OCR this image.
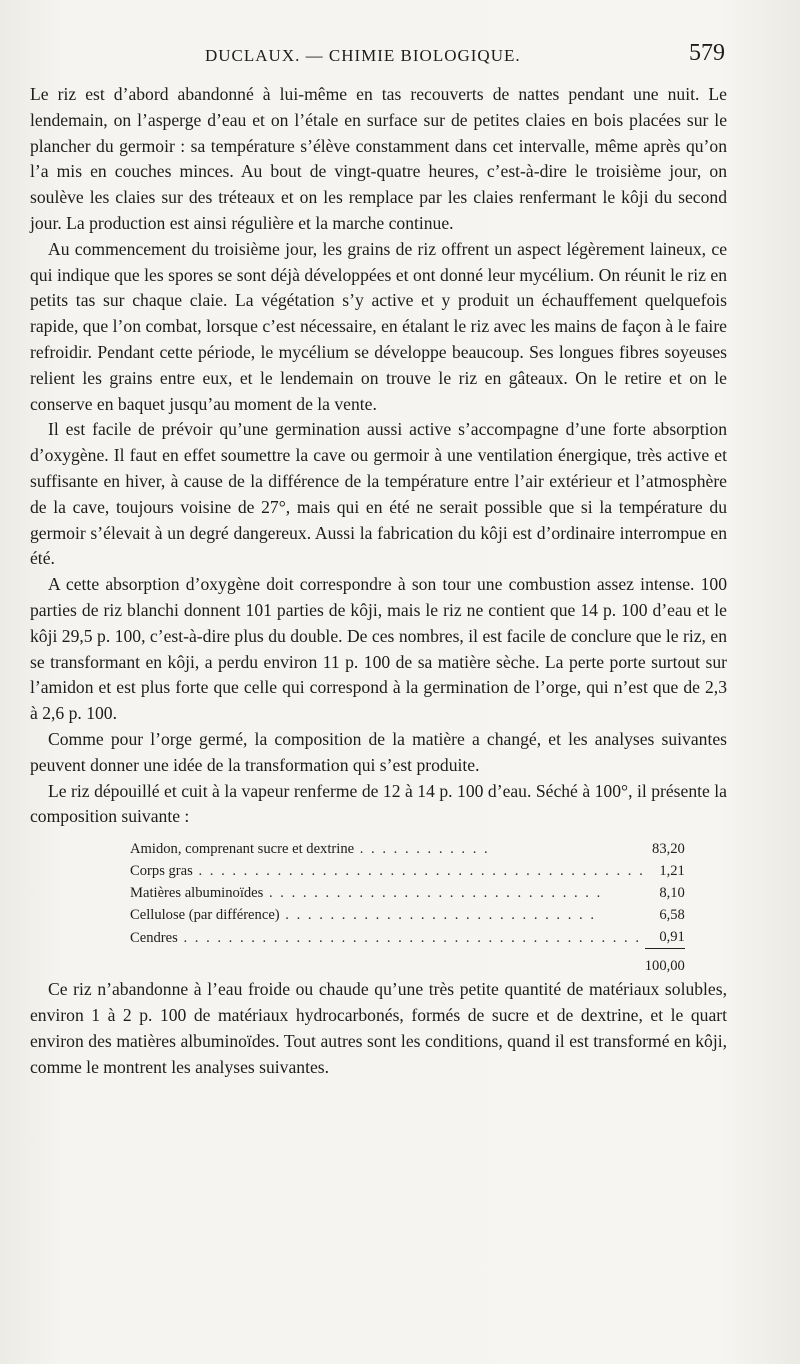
DUCLAUX. — CHIMIE BIOLOGIQUE.	579

Le riz est d’abord abandonné à lui-même en tas recouverts de nattes pendant une nuit. Le lendemain, on l’asperge d’eau et on l’étale en surface sur de petites claies en bois placées sur le plancher du germoir : sa température s’élève constamment dans cet intervalle, même après qu’on l’a mis en couches minces. Au bout de vingt-quatre heures, c’est-à-dire le troisième jour, on soulève les claies sur des tréteaux et on les remplace par les claies renfermant le kôji du second jour. La production est ainsi régulière et la marche continue.

Au commencement du troisième jour, les grains de riz offrent un aspect légèrement laineux, ce qui indique que les spores se sont déjà développées et ont donné leur mycélium. On réunit le riz en petits tas sur chaque claie. La végétation s’y active et y produit un échauffement quelquefois rapide, que l’on combat, lorsque c’est nécessaire, en étalant le riz avec les mains de façon à le faire refroidir. Pendant cette période, le mycélium se développe beaucoup. Ses longues fibres soyeuses relient les grains entre eux, et le lendemain on trouve le riz en gâteaux. On le retire et on le conserve en baquet jusqu’au moment de la vente.

Il est facile de prévoir qu’une germination aussi active s’accompagne d’une forte absorption d’oxygène. Il faut en effet soumettre la cave ou germoir à une ventilation énergique, très active et suffisante en hiver, à cause de la différence de la température entre l’air extérieur et l’atmosphère de la cave, toujours voisine de 27°, mais qui en été ne serait possible que si la température du germoir s’élevait à un degré dangereux. Aussi la fabrication du kôji est d’ordinaire interrompue en été.

A cette absorption d’oxygène doit correspondre à son tour une combustion assez intense. 100 parties de riz blanchi donnent 101 parties de kôji, mais le riz ne contient que 14 p. 100 d’eau et le kôji 29,5 p. 100, c’est-à-dire plus du double. De ces nombres, il est facile de conclure que le riz, en se transformant en kôji, a perdu environ 11 p. 100 de sa matière sèche. La perte porte surtout sur l’amidon et est plus forte que celle qui correspond à la germination de l’orge, qui n’est que de 2,3 à 2,6 p. 100.

Comme pour l’orge germé, la composition de la matière a changé, et les analyses suivantes peuvent donner une idée de la transformation qui s’est produite.

Le riz dépouillé et cuit à la vapeur renferme de 12 à 14 p. 100 d’eau. Séché à 100°, il présente la composition suivante :

Amidon, comprenant sucre et dextrine . . . . . . . . . . . .	83,20
Corps gras . . . . . . . . . . . . . . . . . . . . . . . . . . . . . . . . . . . . . . . .	1,21
Matières albuminoïdes . . . . . . . . . . . . . . . . . . . . . . . . . . . . . .	8,10
Cellulose (par différence) . . . . . . . . . . . . . . . . . . . . . . . . . . . .	6,58
Cendres . . . . . . . . . . . . . . . . . . . . . . . . . . . . . . . . . . . . . . . . .	0,91
	100,00

Ce riz n’abandonne à l’eau froide ou chaude qu’une très petite quantité de matériaux solubles, environ 1 à 2 p. 100 de matériaux hydrocarbonés, formés de sucre et de dextrine, et le quart environ des matières albuminoïdes. Tout autres sont les conditions, quand il est transformé en kôji, comme le montrent les analyses suivantes.
